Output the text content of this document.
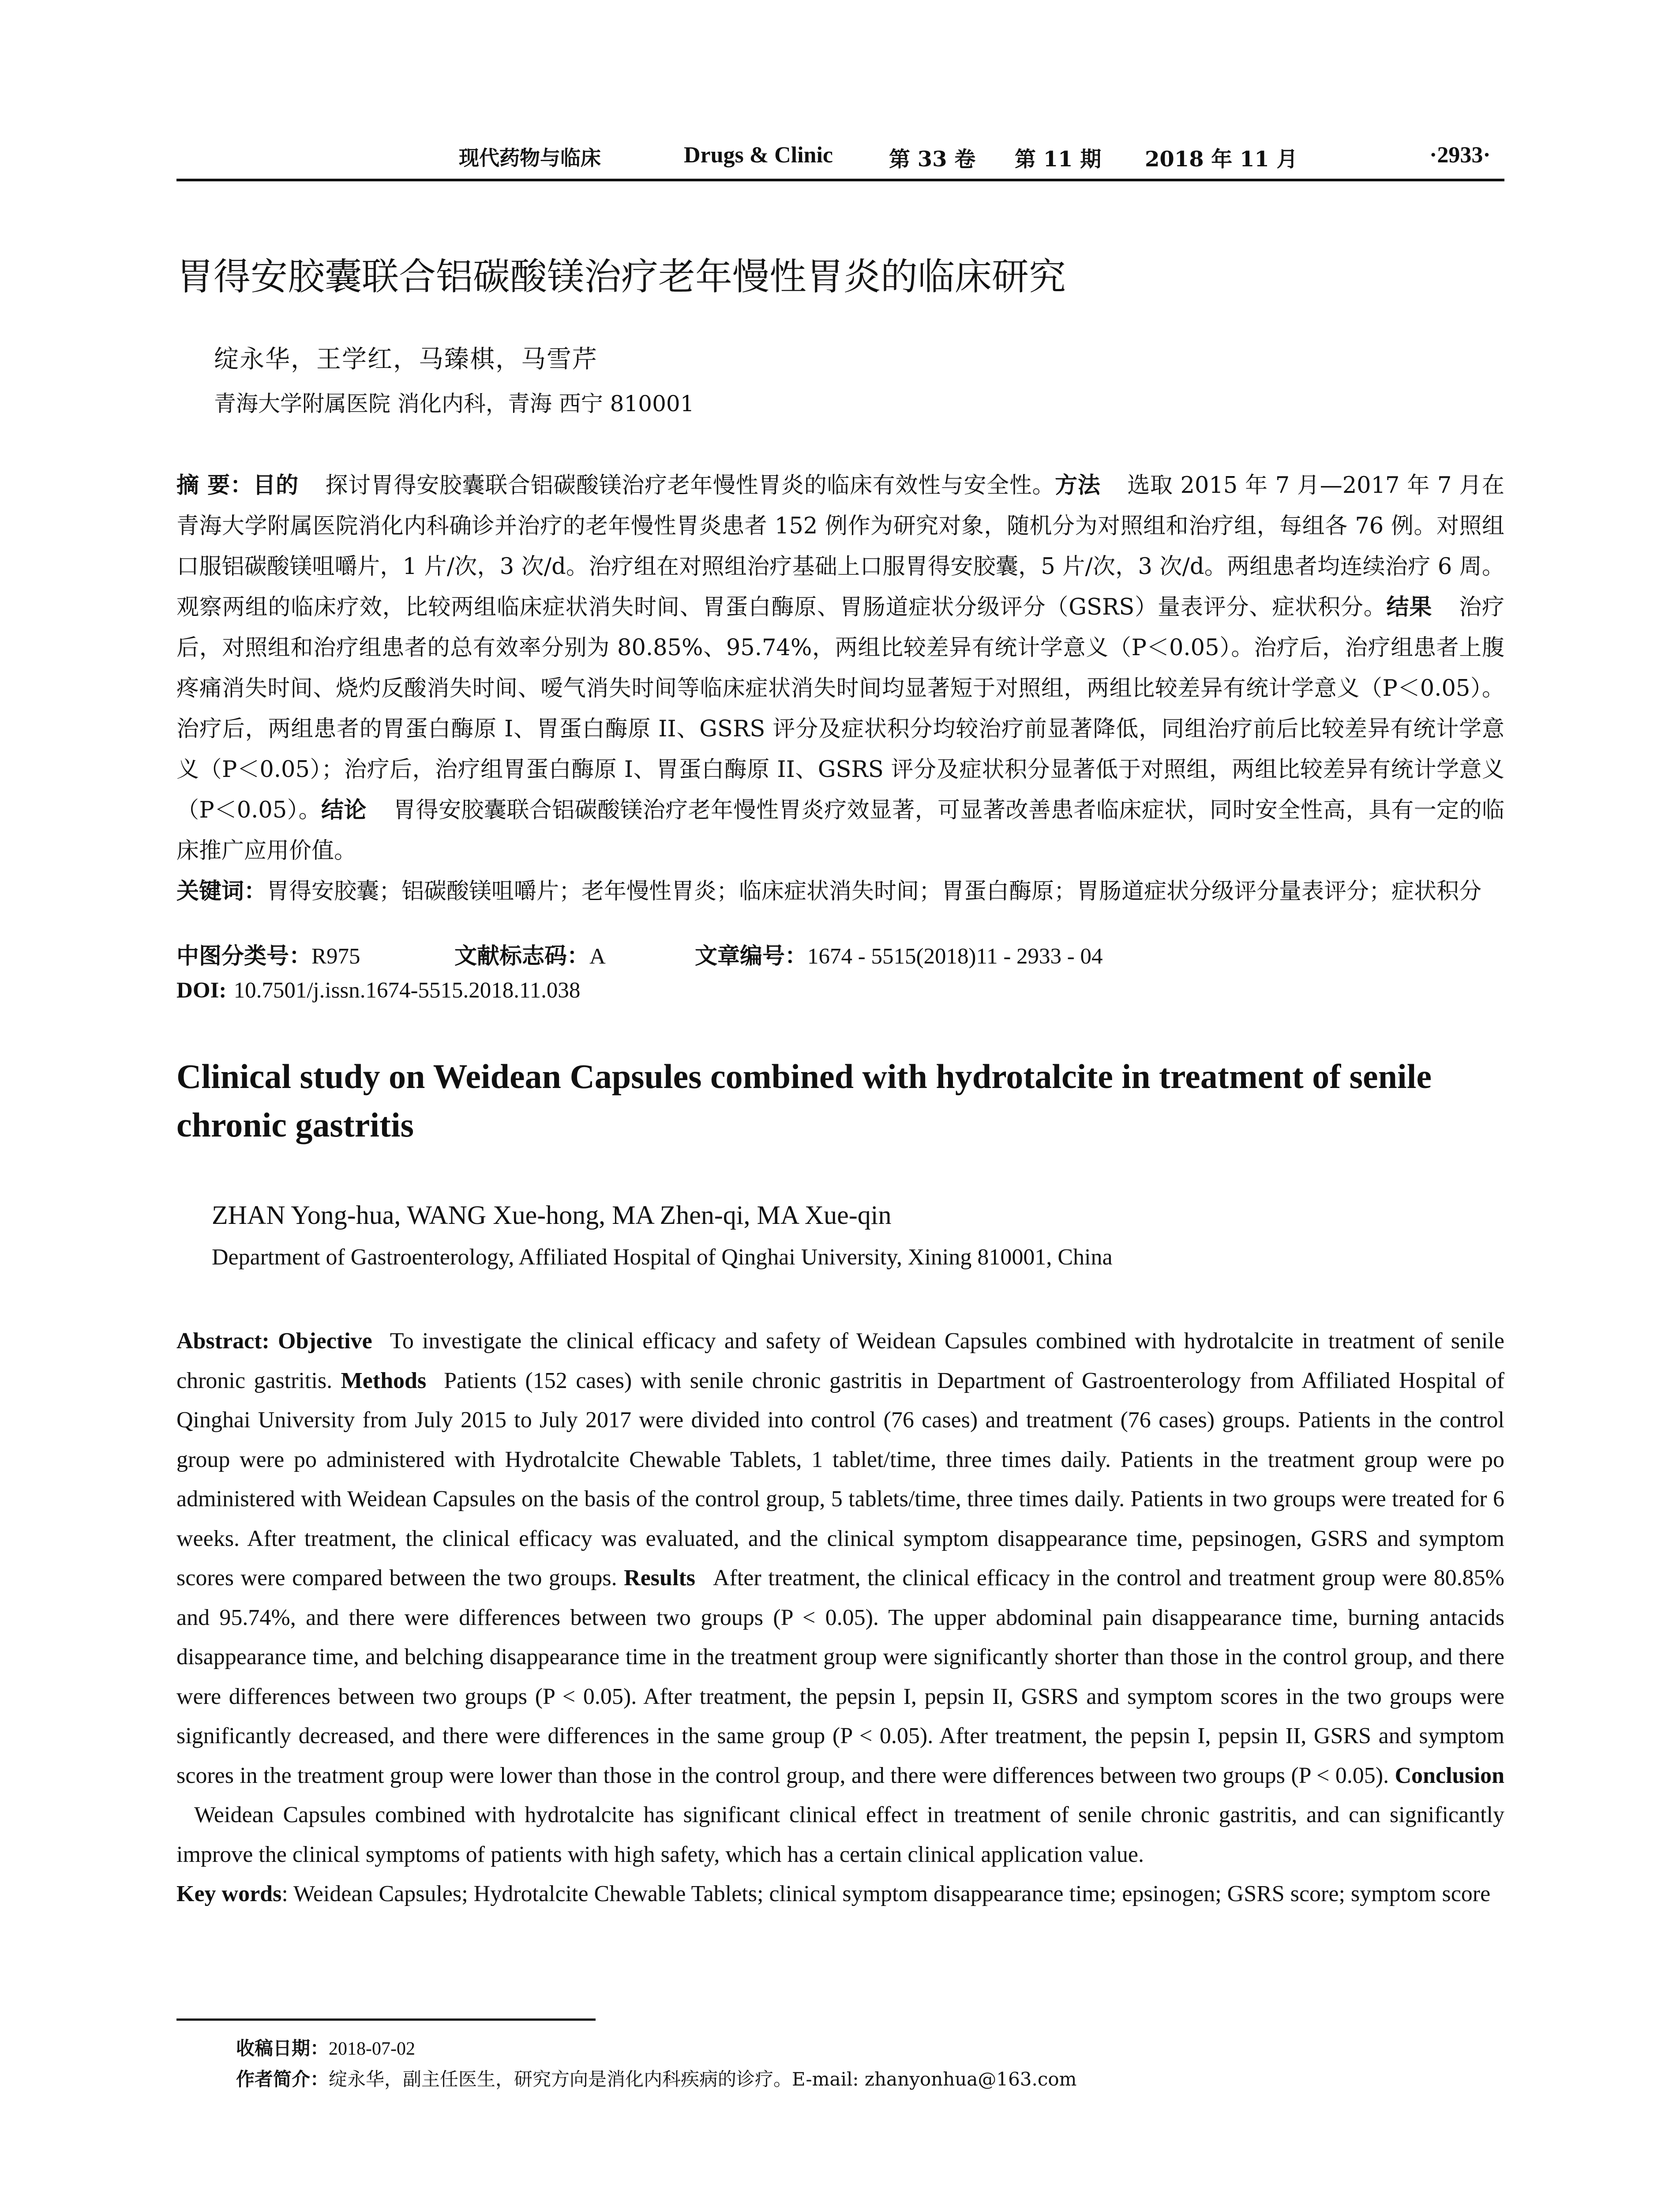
现代药物与临床	Drugs & Clinic	第 33 卷 第 11 期 2018 年 11 月	·2933·
胃得安胶囊联合铝碳酸镁治疗老年慢性胃炎的临床研究
绽永华，王学红，马臻棋，马雪芹
青海大学附属医院 消化内科，青海 西宁 810001
摘 要：目的 探讨胃得安胶囊联合铝碳酸镁治疗老年慢性胃炎的临床有效性与安全性。方法 选取 2015 年 7 月—2017 年 7 月在青海大学附属医院消化内科确诊并治疗的老年慢性胃炎患者 152 例作为研究对象，随机分为对照组和治疗组，每组各 76 例。对照组口服铝碳酸镁咀嚼片，1 片/次，3 次/d。治疗组在对照组治疗基础上口服胃得安胶囊，5 片/次，3 次/d。两组患者均连续治疗 6 周。观察两组的临床疗效，比较两组临床症状消失时间、胃蛋白酶原、胃肠道症状分级评分（GSRS）量表评分、症状积分。结果 治疗后，对照组和治疗组患者的总有效率分别为 80.85%、95.74%，两组比较差异有统计学意义（P＜0.05）。治疗后，治疗组患者上腹疼痛消失时间、烧灼反酸消失时间、嗳气消失时间等临床症状消失时间均显著短于对照组，两组比较差异有统计学意义（P＜0.05）。治疗后，两组患者的胃蛋白酶原 I、胃蛋白酶原 II、GSRS 评分及症状积分均较治疗前显著降低，同组治疗前后比较差异有统计学意义（P＜0.05）；治疗后，治疗组胃蛋白酶原 I、胃蛋白酶原 II、GSRS 评分及症状积分显著低于对照组，两组比较差异有统计学意义（P＜0.05）。结论 胃得安胶囊联合铝碳酸镁治疗老年慢性胃炎疗效显著，可显著改善患者临床症状，同时安全性高，具有一定的临床推广应用价值。
关键词：胃得安胶囊；铝碳酸镁咀嚼片；老年慢性胃炎；临床症状消失时间；胃蛋白酶原；胃肠道症状分级评分量表评分；症状积分
中图分类号：R975	文献标志码：A	文章编号：1674 - 5515(2018)11 - 2933 - 04
DOI: 10.7501/j.issn.1674-5515.2018.11.038
Clinical study on Weidean Capsules combined with hydrotalcite in treatment of senile chronic gastritis
ZHAN Yong-hua, WANG Xue-hong, MA Zhen-qi, MA Xue-qin
Department of Gastroenterology, Affiliated Hospital of Qinghai University, Xining 810001, China
Abstract: Objective To investigate the clinical efficacy and safety of Weidean Capsules combined with hydrotalcite in treatment of senile chronic gastritis. Methods Patients (152 cases) with senile chronic gastritis in Department of Gastroenterology from Affiliated Hospital of Qinghai University from July 2015 to July 2017 were divided into control (76 cases) and treatment (76 cases) groups. Patients in the control group were po administered with Hydrotalcite Chewable Tablets, 1 tablet/time, three times daily. Patients in the treatment group were po administered with Weidean Capsules on the basis of the control group, 5 tablets/time, three times daily. Patients in two groups were treated for 6 weeks. After treatment, the clinical efficacy was evaluated, and the clinical symptom disappearance time, pepsinogen, GSRS and symptom scores were compared between the two groups. Results After treatment, the clinical efficacy in the control and treatment group were 80.85% and 95.74%, and there were differences between two groups (P < 0.05). The upper abdominal pain disappearance time, burning antacids disappearance time, and belching disappearance time in the treatment group were significantly shorter than those in the control group, and there were differences between two groups (P < 0.05). After treatment, the pepsin I, pepsin II, GSRS and symptom scores in the two groups were significantly decreased, and there were differences in the same group (P < 0.05). After treatment, the pepsin I, pepsin II, GSRS and symptom scores in the treatment group were lower than those in the control group, and there were differences between two groups (P < 0.05). ConclusionWeidean Capsules combined with hydrotalcite has significant clinical effect in treatment of senile chronic gastritis, and can significantly improve the clinical symptoms of patients with high safety, which has a certain clinical application value.
Key words: Weidean Capsules; Hydrotalcite Chewable Tablets; clinical symptom disappearance time; epsinogen; GSRS score; symptom score
收稿日期：2018-07-02
作者简介：绽永华，副主任医生，研究方向是消化内科疾病的诊疗。E-mail: zhanyonhua@163.com
